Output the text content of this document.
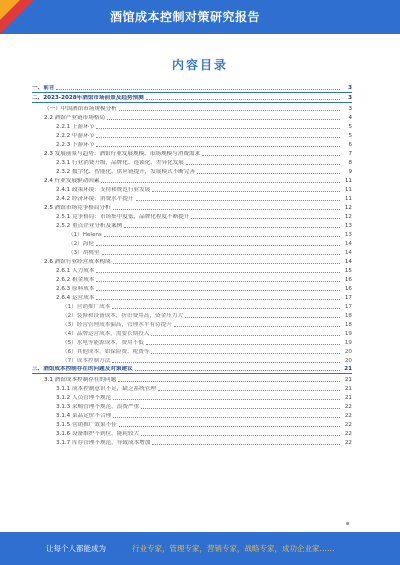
酒馆成本控制对策研究报告
内容目录
一、前言	3
二、2023-2028年酒馆市场前景及趋势预测	3
（一）中国酒馆市场规模分析	3
2.2 酒馆产业链市场格局	4
2.2.1 上游环节	5
2.2.2 中游环节	5
2.2.3 下游环节	6
2.3 发展前景与趋势：酒馆行业发展规模、市场规模与消费需求	7
2.3.1 行业消费升级，品牌化、连锁化、差异化发展	8
2.3.2 数字化、智能化、供应链提升，发展模式不断完善	9
2.4 行业发展驱动因素	11
2.4.1 政策环境：支持和规范行业发展	11
2.4.2 经济环境：消费水平提升	11
2.5 酒馆市场竞争格局分析	12
2.5.1 竞争格局：市场集中度低，品牌化程度不断提升	12
2.5.2 重点企业分析及案例	13
（1）Helens	13
（2）海伦	14
（3）胡桃里	14
2.6 酒馆行业经营成本构成	14
2.6.1 人力成本	15
2.6.2 租金成本	16
2.6.3 原料成本	16
2.6.4 运营成本	17
（1）营销推广成本	17
（2）装修和设备成本，折旧费用高，资金压力大	18
（3）经营管理成本偏高，管理水平有待提升	18
（4）品牌运营成本，需要长期投入	19
（5）水电等能源成本，费用不低	19
（6）其他成本，如保险费、税费等	20
（7）成本控制方法	20
三、酒馆成本控制存在的问题及对策建议	21
3.1 酒馆成本控制存在的问题	21
3.1.1 成本控制意识不足，缺乏系统管理	21
3.1.2 人员管理不规范	21
3.1.3 采购管理不规范，浪费严重	22
3.1.4 菜品定价不合理	22
3.1.5 营销推广效果不佳	22
3.1.6 设备维护不到位，能耗较大	22
3.1.7 库存管理不规范，导致成本增加	22
让每个人都能成为	行业专家，管理专家，营销专家，战略专家，成功企业家……
